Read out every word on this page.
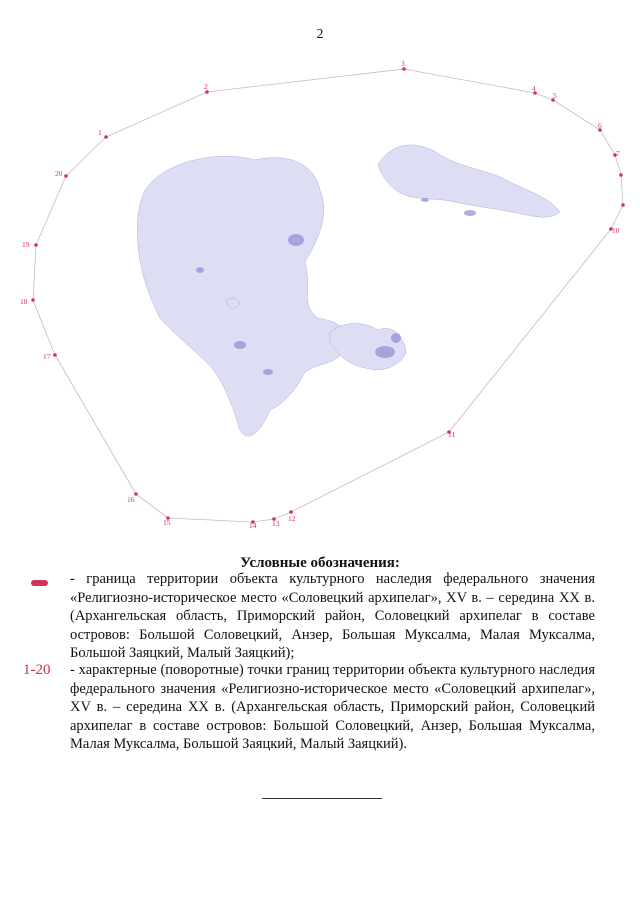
2
1
2
3
4
5
6
7
10
11
12
13
14
15
16
17
18
19
20
Условные обозначения:
- граница территории объекта культурного наследия федерального значения «Религиозно-историческое место «Соловецкий архипелаг», XV в. – середина XX в. (Архангельская область, Приморский район, Соловецкий архипелаг в составе островов: Большой Соловецкий, Анзер, Большая Муксалма, Малая Муксалма, Большой Заяцкий, Малый Заяцкий);
1-20	- характерные (поворотные) точки границ территории объекта культурного наследия федерального значения «Религиозно-историческое место «Соловецкий архипелаг», XV в. – середина XX в. (Архангельская область, Приморский район, Соловецкий архипелаг в составе островов: Большой Соловецкий, Анзер, Большая Муксалма, Малая Муксалма, Большой Заяцкий, Малый Заяцкий).
